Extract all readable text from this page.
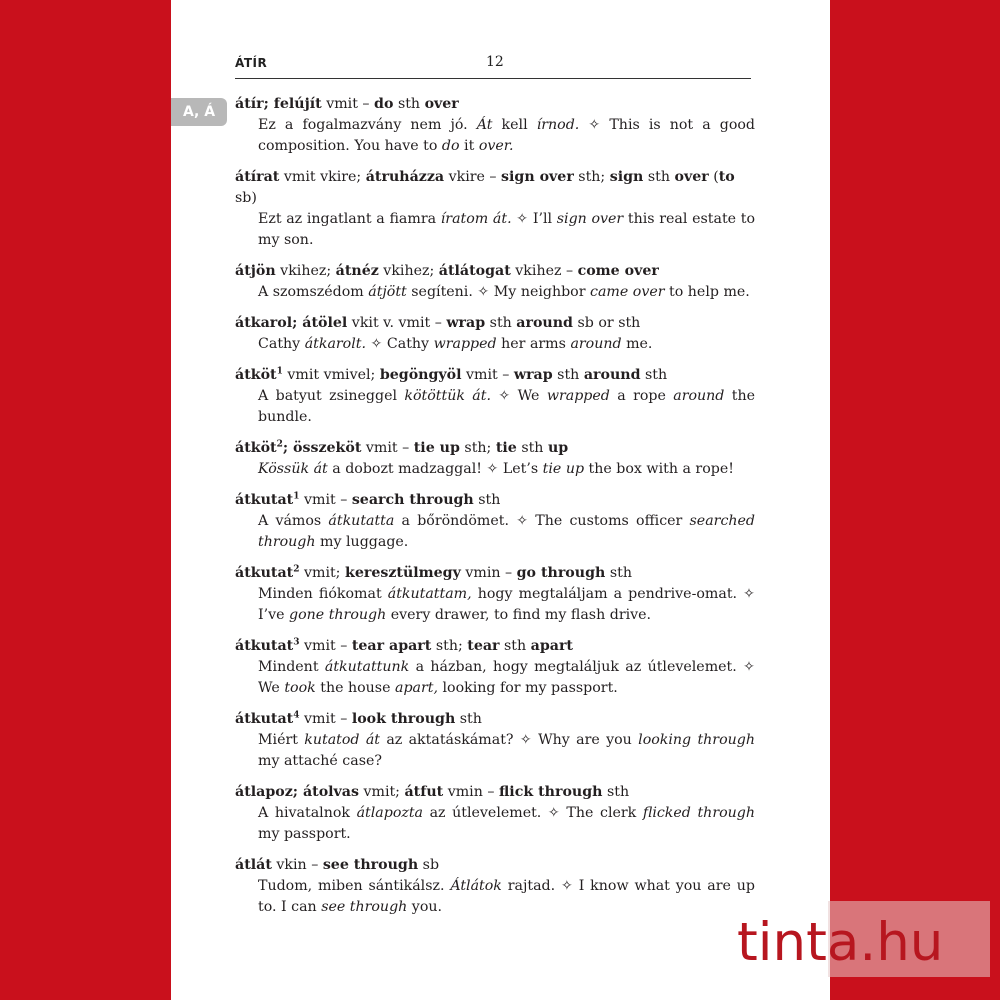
ÁTÍR	12
A, Á	átír; felújít vmit – do sth over
Ez a fogalmazvány nem jó. Át kell írnod. ✧ This is not a good composition. You have to do it over.
átírat vmit vkire; átruházza vkire – sign over sth; sign sth over (to sb)
Ezt az ingatlant a fiamra íratom át. ✧ I’ll sign over this real estate to my son.
átjön vkihez; átnéz vkihez; átlátogat vkihez – come over
A szomszédom átjött segíteni. ✧ My neighbor came over to help me.
átkarol; átölel vkit v. vmit – wrap sth around sb or sth
Cathy átkarolt. ✧ Cathy wrapped her arms around me.
átköt$^1$ vmit vmivel; begöngyöl vmit – wrap sth around sth
A batyut zsineggel kötöttük át. ✧ We wrapped a rope around the bundle.
átköt$^2$; összeköt vmit – tie up sth; tie sth up
Kössük át a dobozt madzaggal! ✧ Let’s tie up the box with a rope!
átkutat$^1$ vmit – search through sth
A vámos átkutatta a bőröndömet. ✧ The customs officer searched through my luggage.
átkutat$^2$ vmit; keresztülmegy vmin – go through sth
Minden fiókomat átkutattam, hogy megtaláljam a pendrive-omat. ✧ I’ve gone through every drawer, to find my flash drive.
átkutat$^3$ vmit – tear apart sth; tear sth apart
Mindent átkutattunk a házban, hogy megtaláljuk az útlevelemet. ✧ We took the house apart, looking for my passport.
átkutat$^4$ vmit – look through sth
Miért kutatod át az aktatáskámat? ✧ Why are you looking through my attaché case?
átlapoz; átolvas vmit; átfut vmin – flick through sth
A hivatalnok átlapozta az útlevelemet. ✧ The clerk flicked through my passport.
átlát vkin – see through sb
Tudom, miben sántikálsz. Átlátok rajtad. ✧ I know what you are up to. I can see through you.
tinta.hu
